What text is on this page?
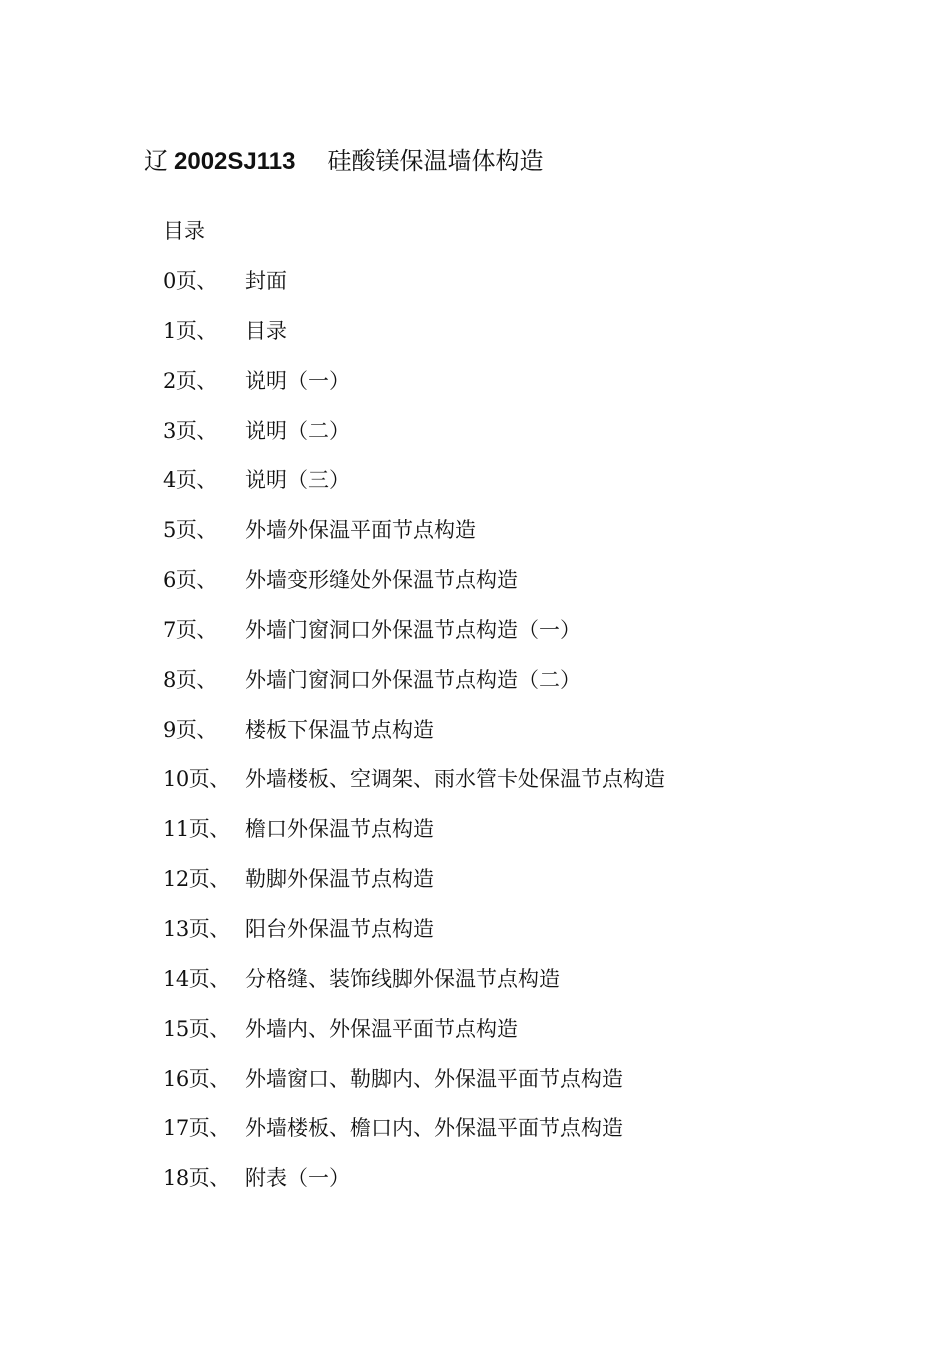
辽 2002SJ113 硅酸镁保温墙体构造
目录
0页、 封面
1页、 目录
2页、 说明（一）
3页、 说明（二）
4页、 说明（三）
5页、 外墙外保温平面节点构造
6页、 外墙变形缝处外保温节点构造
7页、 外墙门窗洞口外保温节点构造（一）
8页、 外墙门窗洞口外保温节点构造（二）
9页、 楼板下保温节点构造
10页、 外墙楼板、空调架、雨水管卡处保温节点构造
11页、 檐口外保温节点构造
12页、 勒脚外保温节点构造
13页、 阳台外保温节点构造
14页、 分格缝、装饰线脚外保温节点构造
15页、 外墙内、外保温平面节点构造
16页、 外墙窗口、勒脚内、外保温平面节点构造
17页、 外墙楼板、檐口内、外保温平面节点构造
18页、 附表（一）
